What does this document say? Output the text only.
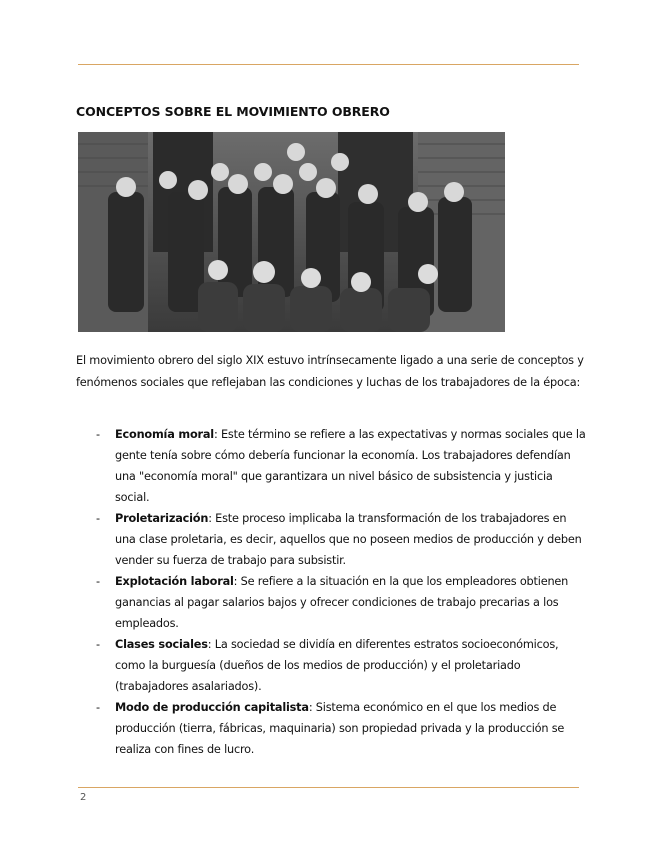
CONCEPTOS SOBRE EL MOVIMIENTO OBRERO

El movimiento obrero del siglo XIX estuvo intrínsecamente ligado a una serie de conceptos y fenómenos sociales que reflejaban las condiciones y luchas de los trabajadores de la época:

- Economía moral: Este término se refiere a las expectativas y normas sociales que la gente tenía sobre cómo debería funcionar la economía. Los trabajadores defendían una "economía moral" que garantizara un nivel básico de subsistencia y justicia social.
- Proletarización: Este proceso implicaba la transformación de los trabajadores en una clase proletaria, es decir, aquellos que no poseen medios de producción y deben vender su fuerza de trabajo para subsistir.
- Explotación laboral: Se refiere a la situación en la que los empleadores obtienen ganancias al pagar salarios bajos y ofrecer condiciones de trabajo precarias a los empleados.
- Clases sociales: La sociedad se dividía en diferentes estratos socioeconómicos, como la burguesía (dueños de los medios de producción) y el proletariado (trabajadores asalariados).
- Modo de producción capitalista: Sistema económico en el que los medios de producción (tierra, fábricas, maquinaria) son propiedad privada y la producción se realiza con fines de lucro.
2
